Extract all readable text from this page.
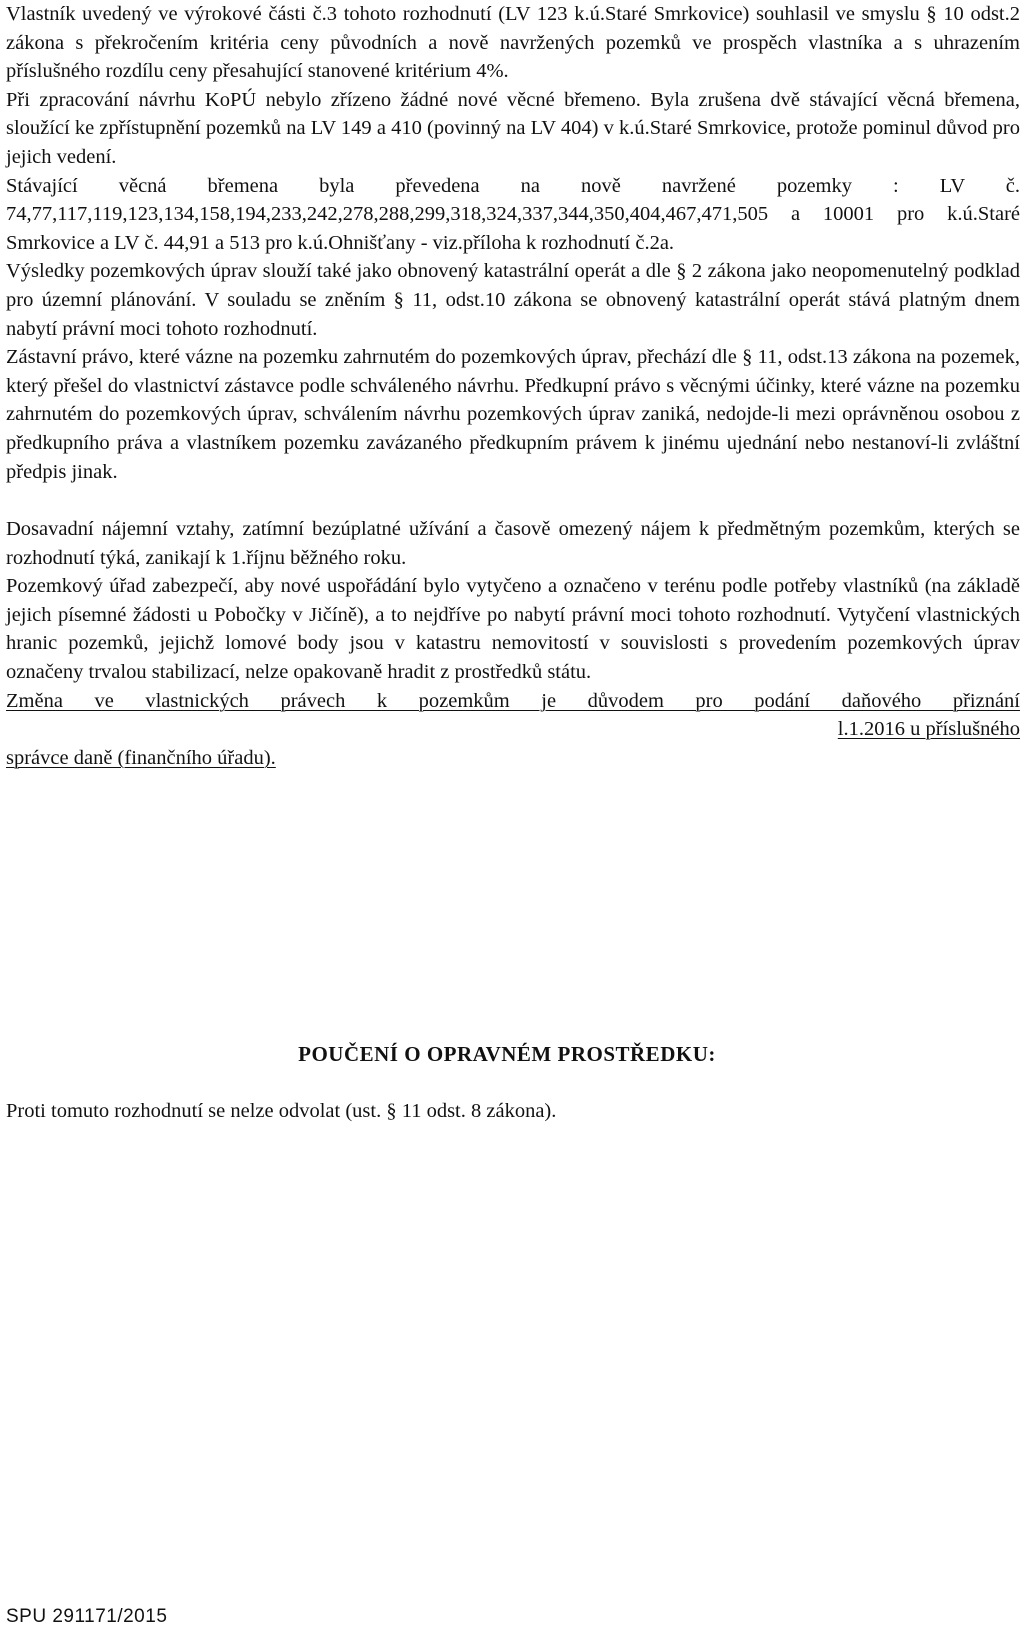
Vlastník uvedený ve výrokové části č.3 tohoto rozhodnutí (LV 123 k.ú.Staré Smrkovice) souhlasil ve smyslu § 10 odst.2 zákona s překročením kritéria ceny původních a nově navržených pozemků ve prospěch vlastníka a s uhrazením příslušného rozdílu ceny přesahující stanovené kritérium 4%.

Při zpracování návrhu KoPÚ nebylo zřízeno žádné nové věcné břemeno. Byla zrušena dvě stávající věcná břemena, sloužící ke zpřístupnění pozemků na LV 149 a 410 (povinný na LV 404) v k.ú.Staré Smrkovice, protože pominul důvod pro jejich vedení.

Stávající věcná břemena byla převedena na nově navržené pozemky : LV č. 74,77,117,119,123,134,158,194,233,242,278,288,299,318,324,337,344,350,404,467,471,505 a 10001 pro k.ú.Staré Smrkovice a LV č. 44,91 a 513 pro k.ú.Ohnišťany - viz.příloha k rozhodnutí č.2a.

Výsledky pozemkových úprav slouží také jako obnovený katastrální operát a dle § 2 zákona jako neopomenutelný podklad pro územní plánování. V souladu se zněním § 11, odst.10 zákona se obnovený katastrální operát stává platným dnem nabytí právní moci tohoto rozhodnutí.

Zástavní právo, které vázne na pozemku zahrnutém do pozemkových úprav, přechází dle § 11, odst.13 zákona na pozemek, který přešel do vlastnictví zástavce podle schváleného návrhu. Předkupní právo s věcnými účinky, které vázne na pozemku zahrnutém do pozemkových úprav, schválením návrhu pozemkových úprav zaniká, nedojde-li mezi oprávněnou osobou z předkupního práva a vlastníkem pozemku zavázaného předkupním právem k jinému ujednání nebo nestanoví-li zvláštní předpis jinak.

Dosavadní nájemní vztahy, zatímní bezúplatné užívání a časově omezený nájem k předmětným pozemkům, kterých se rozhodnutí týká, zanikají k 1.říjnu běžného roku.

Pozemkový úřad zabezpečí, aby nové uspořádání bylo vytyčeno a označeno v terénu podle potřeby vlastníků (na základě jejich písemné žádosti u Pobočky v Jičíně), a to nejdříve po nabytí právní moci tohoto rozhodnutí. Vytyčení vlastnických hranic pozemků, jejichž lomové body jsou v katastru nemovitostí v souvislosti s provedením pozemkových úprav označeny trvalou stabilizací, nelze opakovaně hradit z prostředků státu.

Změna ve vlastnických právech k pozemkům je důvodem pro podání daňového přiznání
l.1.2016 u příslušného
správce daně (finančního úřadu).

POUČENÍ O OPRAVNÉM PROSTŘEDKU:

Proti tomuto rozhodnutí se nelze odvolat (ust. § 11 odst. 8 zákona).

SPU 291171/2015
